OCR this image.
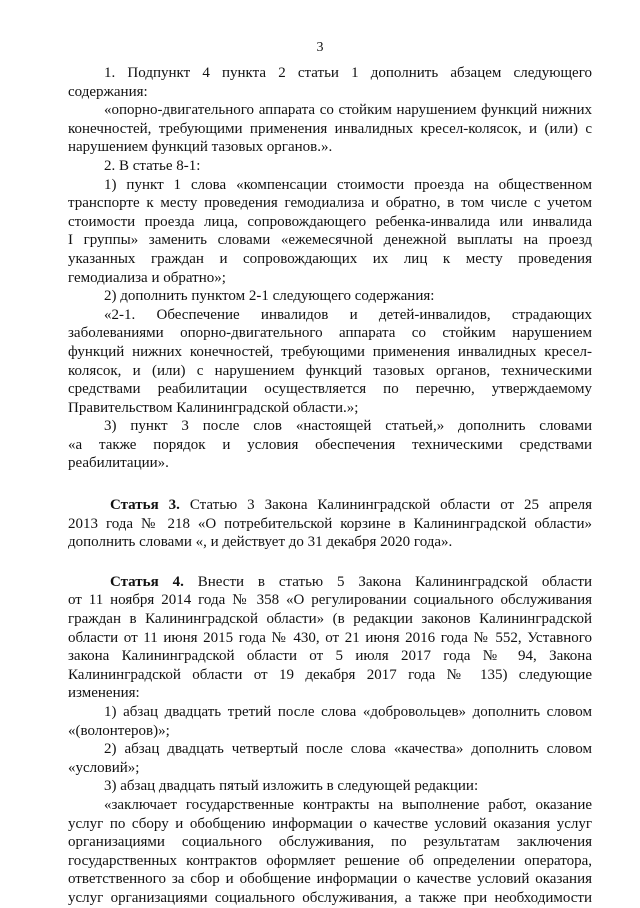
3
1. Подпункт 4 пункта 2 статьи 1 дополнить абзацем следующего
содержания:
«опорно-двигательного аппарата со стойким нарушением функций нижних
конечностей, требующими применения инвалидных кресел-колясок, и (или) с
нарушением функций тазовых органов.».
2. В статье 8-1:
1) пункт 1 слова «компенсации стоимости проезда на общественном
транспорте к месту проведения гемодиализа и обратно, в том числе с учетом
стоимости проезда лица, сопровождающего ребенка-инвалида или инвалида
I группы» заменить словами «ежемесячной денежной выплаты на проезд
указанных граждан и сопровождающих их лиц к месту проведения
гемодиализа и обратно»;
2) дополнить пунктом 2-1 следующего содержания:
«2-1. Обеспечение инвалидов и детей-инвалидов, страдающих
заболеваниями опорно-двигательного аппарата со стойким нарушением
функций нижних конечностей, требующими применения инвалидных кресел-
колясок, и (или) с нарушением функций тазовых органов, техническими
средствами реабилитации осуществляется по перечню, утверждаемому
Правительством Калининградской области.»;
3) пункт 3 после слов «настоящей статьей,» дополнить словами
«а также порядок и условия обеспечения техническими средствами
реабилитации».
Статья 3. Статью 3 Закона Калининградской области от 25 апреля
2013 года № 218 «О потребительской корзине в Калининградской области»
дополнить словами «, и действует до 31 декабря 2020 года».
Статья 4. Внести в статью 5 Закона Калининградской области
от 11 ноября 2014 года № 358 «О регулировании социального обслуживания
граждан в Калининградской области» (в редакции законов Калининградской
области от 11 июня 2015 года № 430, от 21 июня 2016 года № 552, Уставного
закона Калининградской области от 5 июля 2017 года № 94, Закона
Калининградской области от 19 декабря 2017 года № 135) следующие
изменения:
1) абзац двадцать третий после слова «добровольцев» дополнить словом
«(волонтеров)»;
2) абзац двадцать четвертый после слова «качества» дополнить словом
«условий»;
3) абзац двадцать пятый изложить в следующей редакции:
«заключает государственные контракты на выполнение работ, оказание
услуг по сбору и обобщению информации о качестве условий оказания услуг
организациями социального обслуживания, по результатам заключения
государственных контрактов оформляет решение об определении оператора,
ответственного за сбор и обобщение информации о качестве условий оказания
услуг организациями социального обслуживания, а также при необходимости
